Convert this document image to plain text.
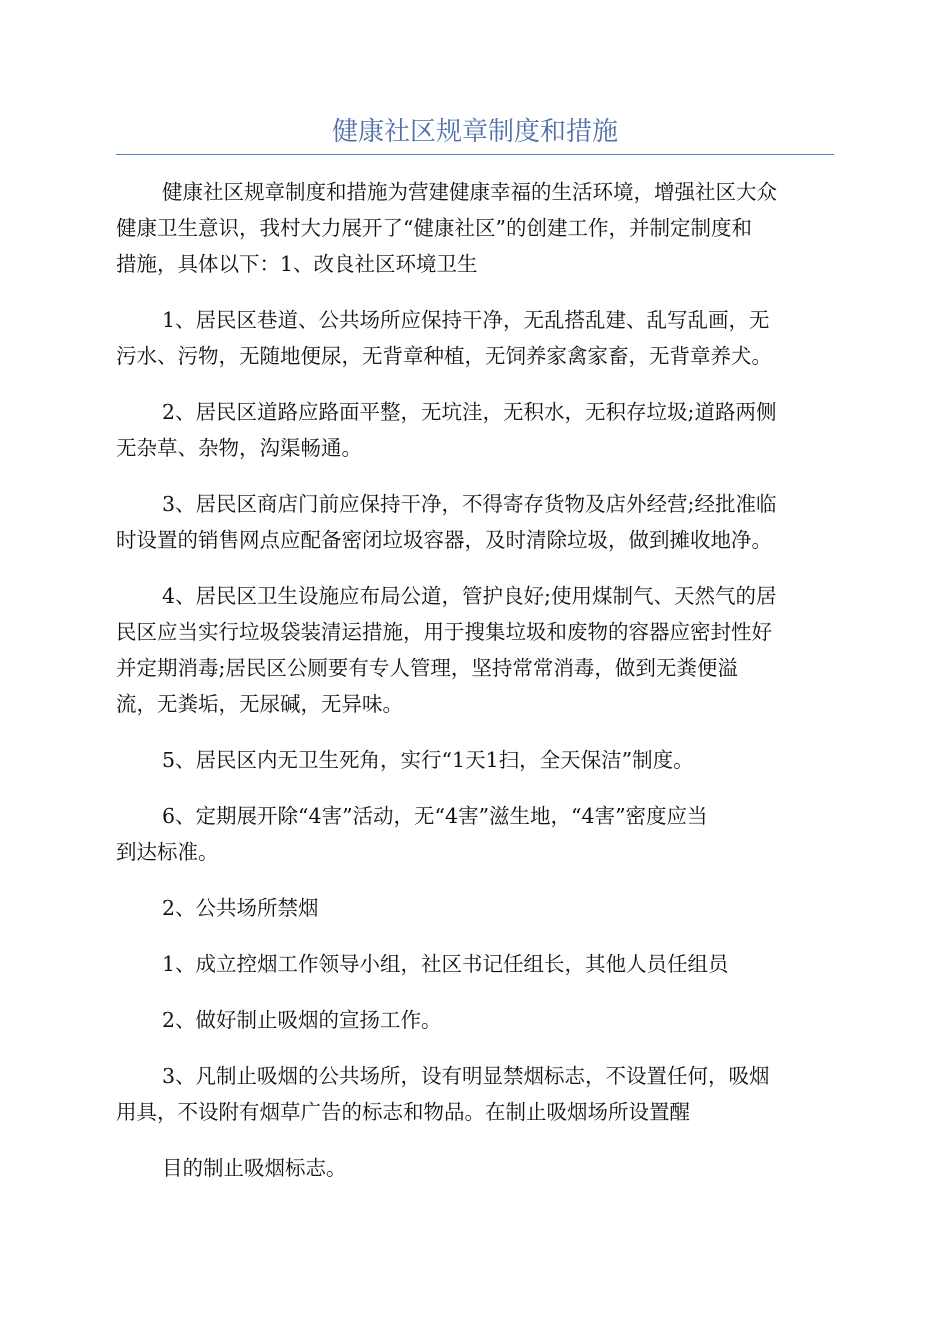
健康社区规章制度和措施

健康社区规章制度和措施为营建健康幸福的生活环境，增强社区大众
健康卫生意识，我村大力展开了“健康社区”的创建工作，并制定制度和
措施，具体以下：1、改良社区环境卫生

1、居民区巷道、公共场所应保持干净，无乱搭乱建、乱写乱画，无
污水、污物，无随地便尿，无背章种植，无饲养家禽家畜，无背章养犬。

2、居民区道路应路面平整，无坑洼，无积水，无积存垃圾;道路两侧
无杂草、杂物，沟渠畅通。

3、居民区商店门前应保持干净，不得寄存货物及店外经营;经批准临
时设置的销售网点应配备密闭垃圾容器，及时清除垃圾，做到摊收地净。

4、居民区卫生设施应布局公道，管护良好;使用煤制气、天然气的居
民区应当实行垃圾袋装清运措施，用于搜集垃圾和废物的容器应密封性好
并定期消毒;居民区公厕要有专人管理，坚持常常消毒，做到无粪便溢
流，无粪垢，无尿碱，无异味。

5、居民区内无卫生死角，实行“1天1扫，全天保洁”制度。

6、定期展开除“4害”活动，无“4害”滋生地，“4害”密度应当
到达标准。

2、公共场所禁烟

1、成立控烟工作领导小组，社区书记任组长，其他人员任组员

2、做好制止吸烟的宣扬工作。

3、凡制止吸烟的公共场所，设有明显禁烟标志，不设置任何，吸烟
用具，不设附有烟草广告的标志和物品。在制止吸烟场所设置醒

目的制止吸烟标志。
